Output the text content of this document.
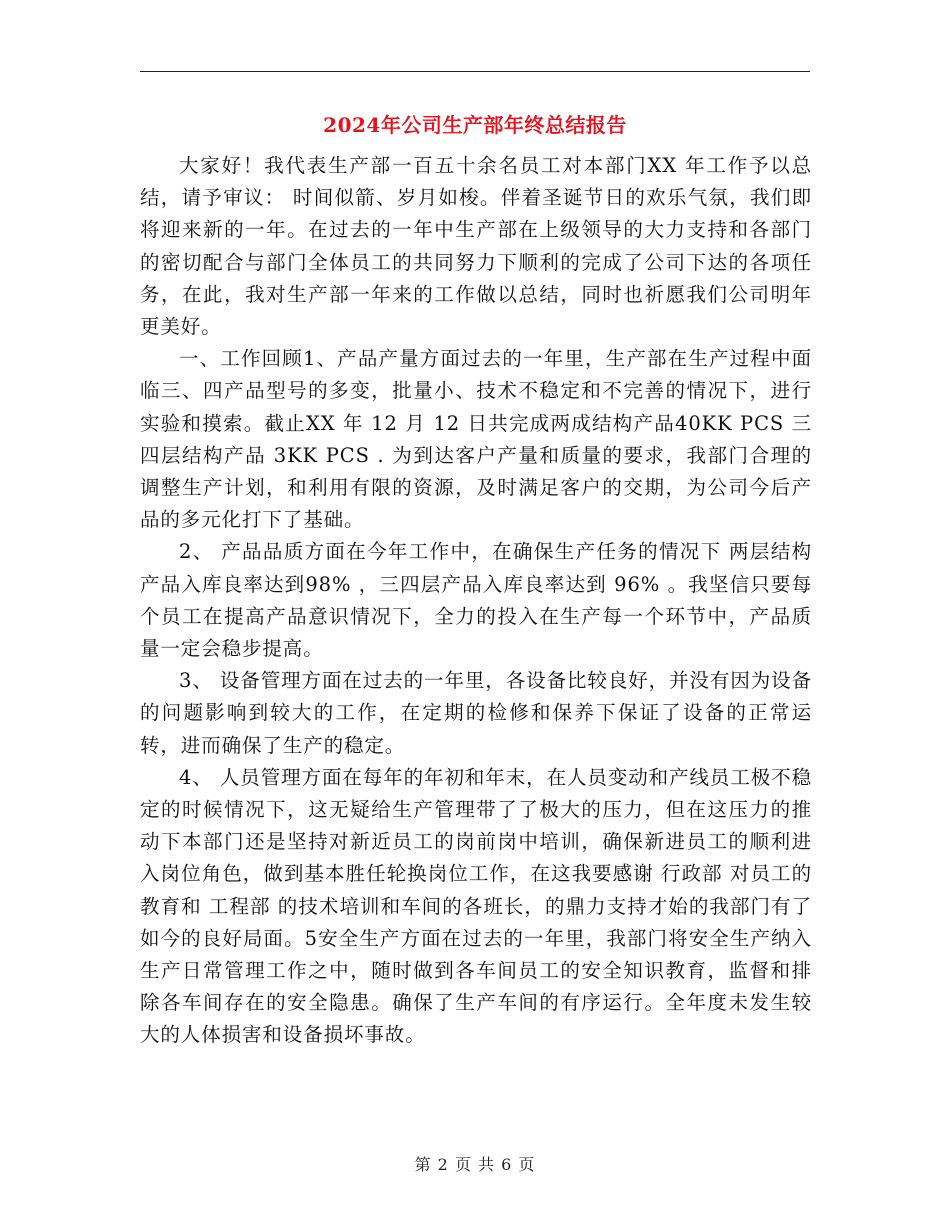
2024年公司生产部年终总结报告

大家好！我代表生产部一百五十余名员工对本部门XX 年工作予以总结，请予审议： 时间似箭、岁月如梭。伴着圣诞节日的欢乐气氛，我们即将迎来新的一年。在过去的一年中生产部在上级领导的大力支持和各部门的密切配合与部门全体员工的共同努力下顺利的完成了公司下达的各项任务，在此，我对生产部一年来的工作做以总结，同时也祈愿我们公司明年更美好。

一、工作回顾1、产品产量方面过去的一年里，生产部在生产过程中面临三、四产品型号的多变，批量小、技术不稳定和不完善的情况下，进行实验和摸索。截止XX 年 12 月 12 日共完成两成结构产品40KK PCS 三四层结构产品 3KK PCS . 为到达客户产量和质量的要求，我部门合理的调整生产计划，和利用有限的资源，及时满足客户的交期，为公司今后产品的多元化打下了基础。

2、 产品品质方面在今年工作中，在确保生产任务的情况下 两层结构产品入库良率达到98% ，三四层产品入库良率达到 96% 。我坚信只要每个员工在提高产品意识情况下，全力的投入在生产每一个环节中，产品质量一定会稳步提高。

3、 设备管理方面在过去的一年里，各设备比较良好，并没有因为设备的问题影响到较大的工作，在定期的检修和保养下保证了设备的正常运转，进而确保了生产的稳定。

4、 人员管理方面在每年的年初和年末，在人员变动和产线员工极不稳定的时候情况下，这无疑给生产管理带了了极大的压力，但在这压力的推动下本部门还是坚持对新近员工的岗前岗中培训，确保新进员工的顺利进入岗位角色，做到基本胜任轮换岗位工作，在这我要感谢 行政部 对员工的教育和 工程部 的技术培训和车间的各班长，的鼎力支持才始的我部门有了如今的良好局面。5安全生产方面在过去的一年里，我部门将安全生产纳入生产日常管理工作之中，随时做到各车间员工的安全知识教育，监督和排除各车间存在的安全隐患。确保了生产车间的有序运行。全年度未发生较大的人体损害和设备损坏事故。

第 2 页 共 6 页
